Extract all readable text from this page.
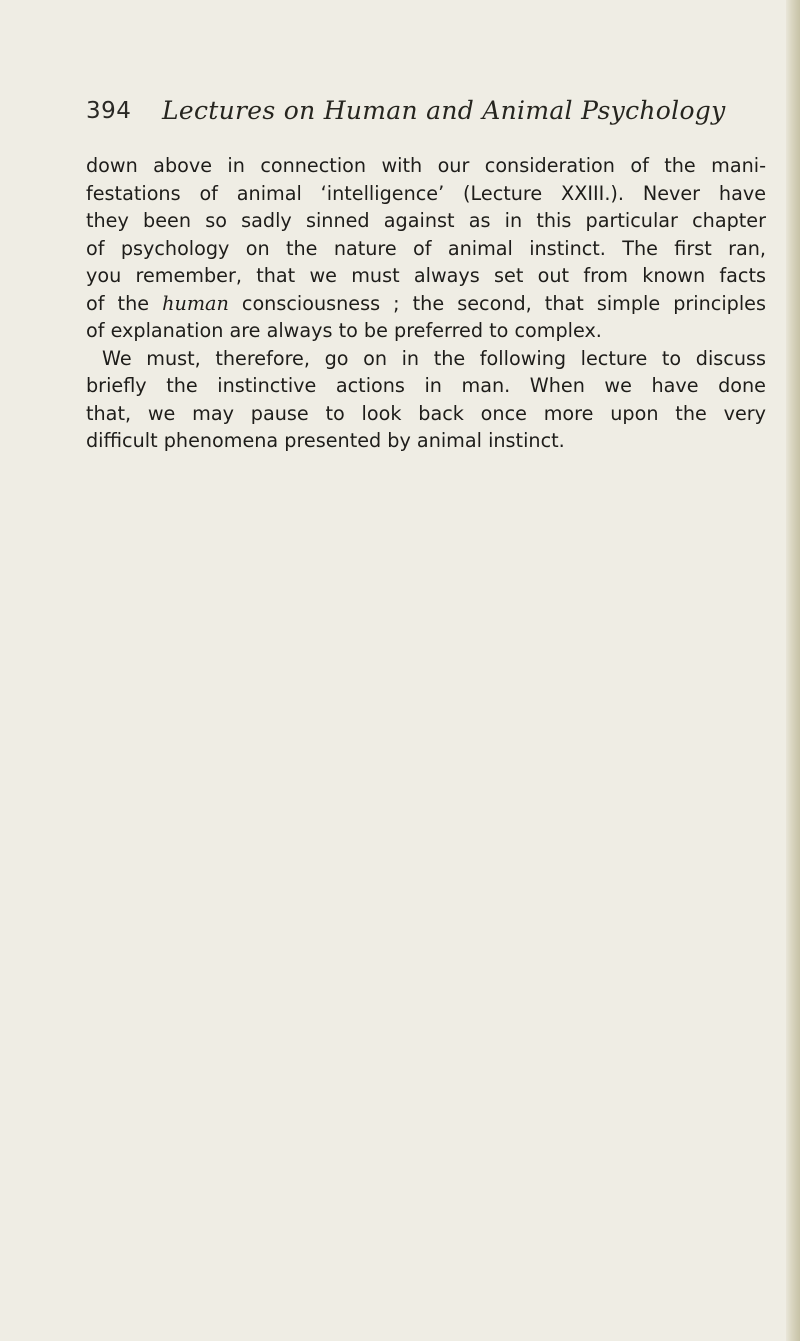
394 Lectures on Human and Animal Psychology
down above in connection with our consideration of the mani-
festations of animal ‘intelligence’ (Lecture XXIII.). Never have
they been so sadly sinned against as in this particular chapter
of psychology on the nature of animal instinct. The first ran,
you remember, that we must always set out from known facts
of the human consciousness ; the second, that simple principles
of explanation are always to be preferred to complex.
We must, therefore, go on in the following lecture to discuss
briefly the instinctive actions in man. When we have done
that, we may pause to look back once more upon the very
difficult phenomena presented by animal instinct.
